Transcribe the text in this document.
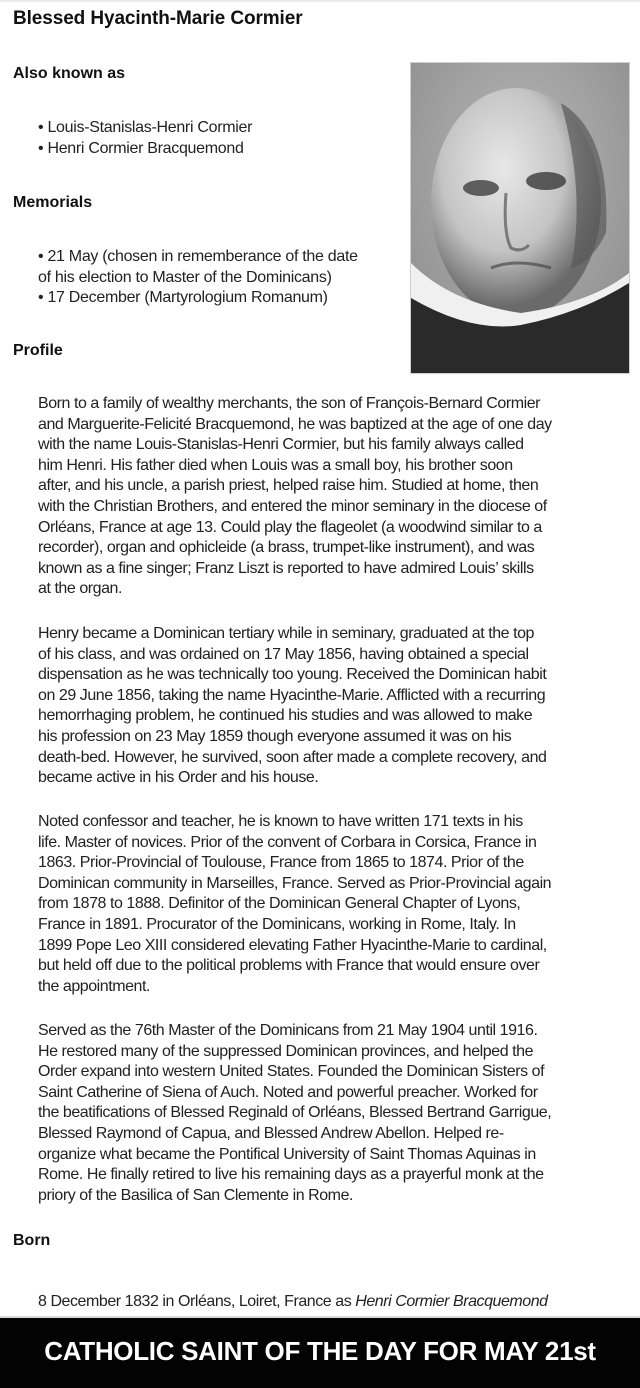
Blessed Hyacinth-Marie Cormier
Also known as
• Louis-Stanislas-Henri Cormier
• Henri Cormier Bracquemond
Memorials
• 21 May (chosen in rememberance of the date
of his election to Master of the Dominicans)
• 17 December (Martyrologium Romanum)
Profile
Born to a family of wealthy merchants, the son of François-Bernard Cormier
and Marguerite-Felicité Bracquemond, he was baptized at the age of one day
with the name Louis-Stanislas-Henri Cormier, but his family always called
him Henri. His father died when Louis was a small boy, his brother soon
after, and his uncle, a parish priest, helped raise him. Studied at home, then
with the Christian Brothers, and entered the minor seminary in the diocese of
Orléans, France at age 13. Could play the flageolet (a woodwind similar to a
recorder), organ and ophicleide (a brass, trumpet-like instrument), and was
known as a fine singer; Franz Liszt is reported to have admired Louis’ skills
at the organ.
Henry became a Dominican tertiary while in seminary, graduated at the top
of his class, and was ordained on 17 May 1856, having obtained a special
dispensation as he was technically too young. Received the Dominican habit
on 29 June 1856, taking the name Hyacinthe-Marie. Afflicted with a recurring
hemorrhaging problem, he continued his studies and was allowed to make
his profession on 23 May 1859 though everyone assumed it was on his
death-bed. However, he survived, soon after made a complete recovery, and
became active in his Order and his house.
Noted confessor and teacher, he is known to have written 171 texts in his
life. Master of novices. Prior of the convent of Corbara in Corsica, France in
1863. Prior-Provincial of Toulouse, France from 1865 to 1874. Prior of the
Dominican community in Marseilles, France. Served as Prior-Provincial again
from 1878 to 1888. Definitor of the Dominican General Chapter of Lyons,
France in 1891. Procurator of the Dominicans, working in Rome, Italy. In
1899 Pope Leo XIII considered elevating Father Hyacinthe-Marie to cardinal,
but held off due to the political problems with France that would ensure over
the appointment.
Served as the 76th Master of the Dominicans from 21 May 1904 until 1916.
He restored many of the suppressed Dominican provinces, and helped the
Order expand into western United States. Founded the Dominican Sisters of
Saint Catherine of Siena of Auch. Noted and powerful preacher. Worked for
the beatifications of Blessed Reginald of Orléans, Blessed Bertrand Garrigue,
Blessed Raymond of Capua, and Blessed Andrew Abellon. Helped re-
organize what became the Pontifical University of Saint Thomas Aquinas in
Rome. He finally retired to live his remaining days as a prayerful monk at the
priory of the Basilica of San Clemente in Rome.
Born
8 December 1832 in Orléans, Loiret, France as Henri Cormier Bracquemond
CATHOLIC SAINT OF THE DAY FOR MAY 21st
